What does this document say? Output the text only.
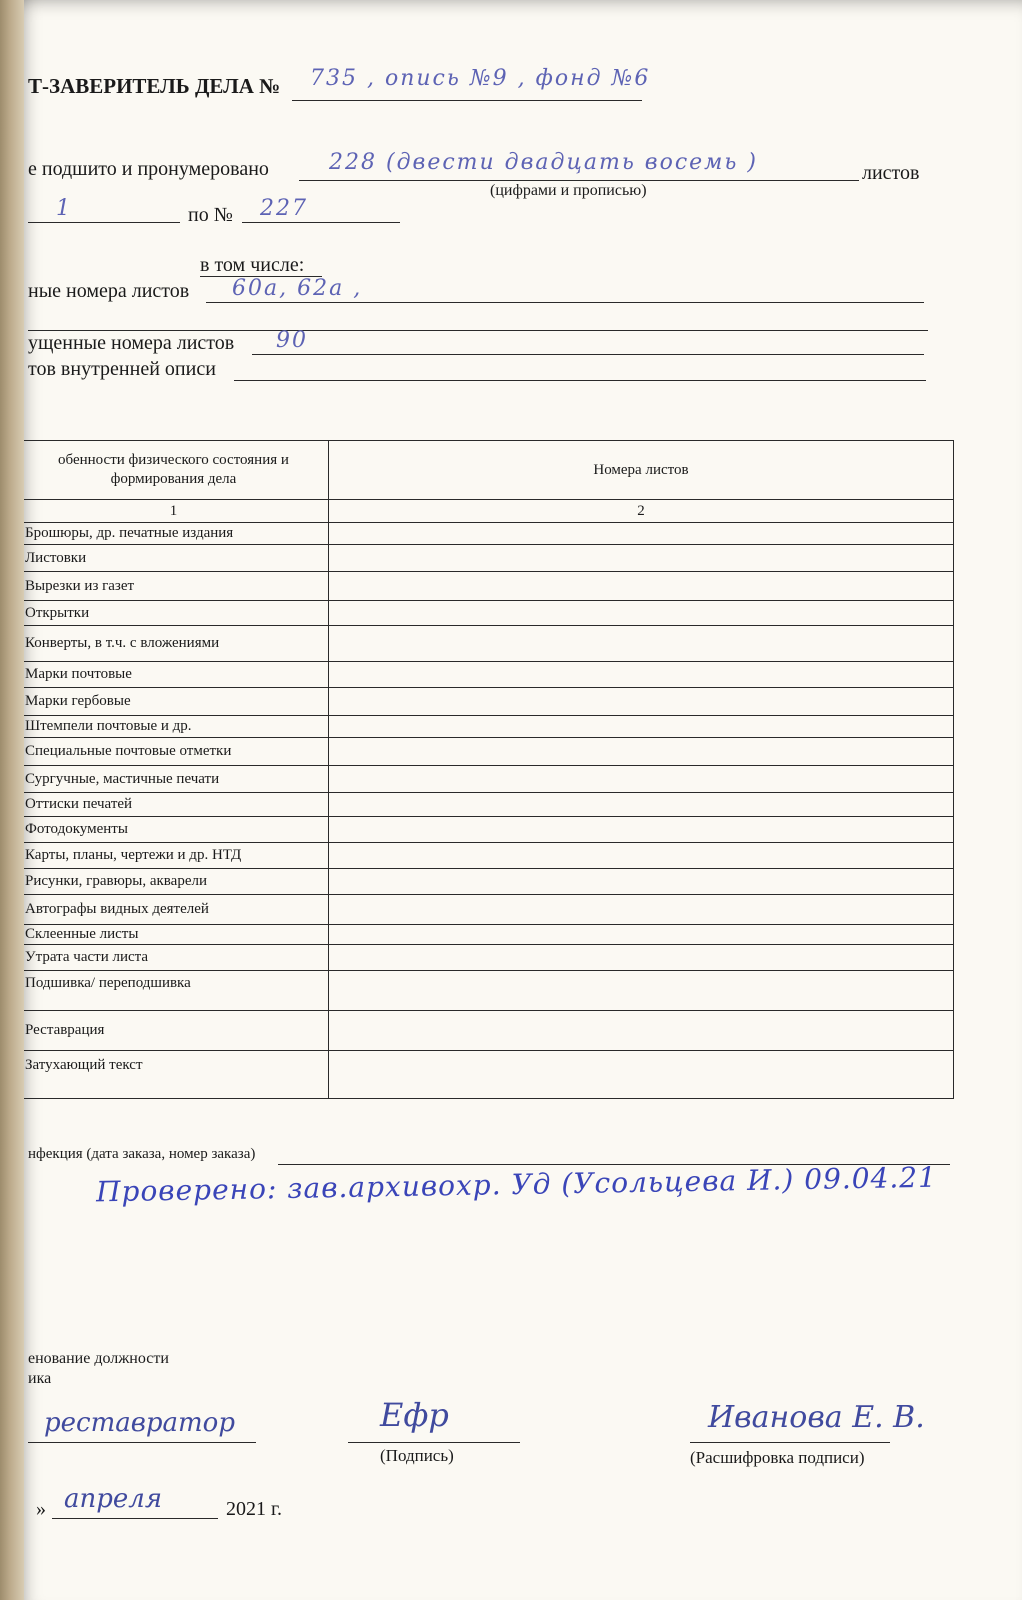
Т-ЗАВЕРИТЕЛЬ ДЕЛА № 735 , опись №9 , фонд №6
е подшито и пронумеровано	228 (двести двадцать восемь )	листов
(цифрами и прописью)
1	по № 227
в том числе:
ные номера листов 60а, 62а ,
ущенные номера листов 90
тов внутренней описи
обенности физического состояния и формирования дела	Номера листов
1	2
Брошюры, др. печатные издания	
Листовки	
Вырезки из газет	
Открытки	
Конверты, в т.ч. с вложениями	
Марки почтовые	
Марки гербовые	
Штемпели почтовые и др.	
Специальные почтовые отметки	
Сургучные, мастичные печати	
Оттиски печатей	
Фотодокументы	
Карты, планы, чертежи и др. НТД	
Рисунки, гравюры, акварели	
Автографы видных деятелей	
Склеенные листы	
Утрата части листа	
Подшивка/ переподшивка	
Реставрация	
Затухающий текст	
нфекция (дата заказа, номер заказа)
Проверено: зав.архивохр. Уд (Усольцева И.) 09.04.21
енование должности
ика
реставратор	Ефр
(Подпись)
Иванова Е. В.
(Расшифровка подписи)
» апреля	2021 г.
